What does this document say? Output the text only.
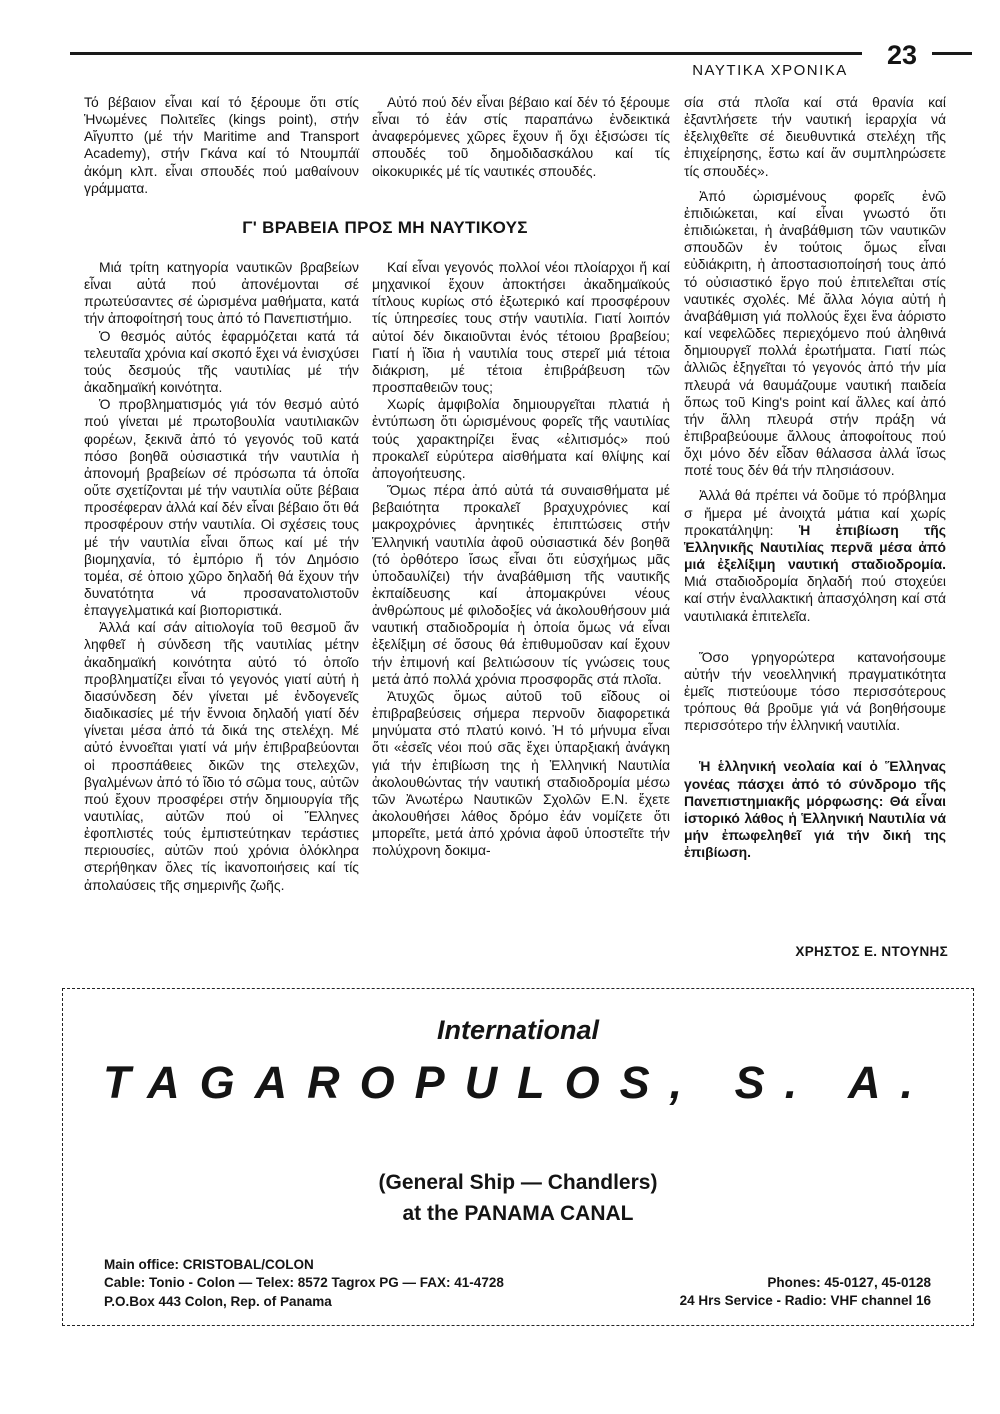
ΝΑΥΤΙΚΑ ΧΡΟΝΙΚΑ
23

Τό βέβαιον εἶναι καί τό ξέρουμε ὅτι στίς Ἡνωμένες Πολιτεῖες (kings point), στήν Αἴγυπτο (μέ τήν Maritime and Transport Academy), στήν Γκάνα καί τό Ντουμπάϊ ἀκόμη κλπ. εἶναι σπουδές πού μαθαίνουν γράμματα.

Αὐτό πού δέν εἶναι βέβαιο καί δέν τό ξέρουμε εἶναι τό ἐάν στίς παραπάνω ἐνδεικτικά ἀναφερόμενες χῶρες ἔχουν ἤ ὄχι ἐξισώσει τίς σπουδές τοῦ δημοδιδασκάλου καί τίς οἰκοκυρικές μέ τίς ναυτικές σπουδές.

Γ' ΒΡΑΒΕΙΑ ΠΡΟΣ ΜΗ ΝΑΥΤΙΚΟΥΣ

Μιά τρίτη κατηγορία ναυτικῶν βραβείων εἶναι αὐτά πού ἀπονέμονται σέ πρωτεύσαντες σέ ὡρισμένα μαθήματα, κατά τήν ἀποφοίτησή τους ἀπό τό Πανεπιστήμιο.

Ὁ θεσμός αὐτός ἐφαρμόζεται κατά τά τελευταῖα χρόνια καί σκοπό ἔχει νά ἐνισχύσει τούς δεσμούς τῆς ναυτιλίας μέ τήν ἀκαδημαϊκή κοινότητα.

Ὁ προβληματισμός γιά τόν θεσμό αὐτό πού γίνεται μέ πρωτοβουλία ναυτιλιακῶν φορέων, ξεκινᾶ ἀπό τό γεγονός τοῦ κατά πόσο βοηθᾶ οὐσιαστικά τήν ναυτιλία ἡ ἀπονομή βραβείων σέ πρόσωπα τά ὁποῖα οὔτε σχετίζονται μέ τήν ναυτιλία οὔτε βέβαια προσέφεραν ἀλλά καί δέν εἶναι βέβαιο ὅτι θά προσφέρουν στήν ναυτιλία. Οἱ σχέσεις τους μέ τήν ναυτιλία εἶναι ὅπως καί μέ τήν βιομηχανία, τό ἐμπόριο ἤ τόν Δημόσιο τομέα, σέ ὁποιο χῶρο δηλαδή θά ἔχουν τήν δυνατότητα νά προσανατολιστοῦν ἐπαγγελματικά καί βιοποριστικά.

Ἀλλά καί σάν αἰτιολογία τοῦ θεσμοῦ ἄν ληφθεῖ ἡ σύνδεση τῆς ναυτιλίας μέτην ἀκαδημαϊκή κοινότητα αὐτό τό ὁποῖο προβληματίζει εἶναι τό γεγονός γιατί αὐτή ἡ διασύνδεση δέν γίνεται μέ ἐνδογενεῖς διαδικασίες μέ τήν ἔννοια δηλαδή γιατί δέν γίνεται μέσα ἀπό τά δικά της στελέχη. Μέ αὐτό ἐννοεῖται γιατί νά μήν ἐπιβραβεύονται οἱ προσπάθειες δικῶν της στελεχῶν, βγαλμένων ἀπό τό ἴδιο τό σῶμα τους, αὐτῶν πού ἔχουν προσφέρει στήν δημιουργία τῆς ναυτιλίας, αὐτῶν πού οἱ Ἕλληνες ἐφοπλιστές τούς ἐμπιστεύτηκαν τεράστιες περιουσίες, αὐτῶν πού χρόνια ὁλόκληρα στερήθηκαν ὅλες τίς ἱκανοποιήσεις καί τίς ἀπολαύσεις τῆς σημερινῆς ζωῆς.

Καί εἶναι γεγονός πολλοί νέοι πλοίαρχοι ἤ καί μηχανικοί ἔχουν ἀποκτήσει ἀκαδημαϊκούς τίτλους κυρίως στό ἐξωτερικό καί προσφέρουν τίς ὑπηρεσίες τους στήν ναυτιλία. Γιατί λοιπόν αὐτοί δέν δικαιοῦνται ἑνός τέτοιου βραβείου; Γιατί ἡ ἴδια ἡ ναυτιλία τους στερεῖ μιά τέτοια διάκριση, μέ τέτοια ἐπιβράβευση τῶν προσπαθειῶν τους;

Χωρίς ἀμφιβολία δημιουργεῖται πλατιά ἡ ἐντύπωση ὅτι ὡρισμένους φορεῖς τῆς ναυτιλίας τούς χαρακτηρίζει ἕνας «ἐλιτισμός» πού προκαλεῖ εὐρύτερα αἰσθήματα καί θλίψης καί ἀπογοήτευσης.

Ὅμως πέρα ἀπό αὐτά τά συναισθήματα μέ βεβαιότητα προκαλεῖ βραχυχρόνιες καί μακροχρόνιες ἀρνητικές ἐπιπτώσεις στήν Ἑλληνική ναυτιλία ἀφοῦ οὐσιαστικά δέν βοηθᾶ (τό ὀρθότερο ἴσως εἶναι ὅτι εὐσχήμως μᾶς ὑποδαυλίζει) τήν ἀναβάθμιση τῆς ναυτικῆς ἐκπαίδευσης καί ἀπομακρύνει νέους ἀνθρώπους μέ φιλοδοξίες νά ἀκολουθήσουν μιά ναυτική σταδιοδρομία ἡ ὁποία ὅμως νά εἶναι ἐξελίξιμη σέ ὅσους θά ἐπιθυμοῦσαν καί ἔχουν τήν ἐπιμονή καί βελτιώσουν τίς γνώσεις τους μετά ἀπό πολλά χρόνια προσφορᾶς στά πλοῖα.

Ἀτυχῶς ὅμως αὐτοῦ τοῦ εἴδους οἱ ἐπιβραβεύσεις σήμερα περνοῦν διαφορετικά μηνύματα στό πλατύ κοινό. Ἡ τό μήνυμα εἶναι ὅτι «ἐσεῖς νέοι πού σᾶς ἔχει ὑπαρξιακή ἀνάγκη γιά τήν ἐπιβίωση της ἡ Ἑλληνική Ναυτιλία ἀκολουθώντας τήν ναυτική σταδιοδρομία μέσω τῶν Ἀνωτέρω Ναυτικῶν Σχολῶν Ε.Ν. ἔχετε ἀκολουθήσει λάθος δρόμο ἐάν νομίζετε ὅτι μπορεῖτε, μετά ἀπό χρόνια ἀφοῦ ὑποστεῖτε τήν πολύχρονη δοκιμα-

σία στά πλοῖα καί στά θρανία καί ἐξαντλήσετε τήν ναυτική ἱεραρχία νά ἐξελιχθεῖτε σέ διευθυντικά στελέχη τῆς ἐπιχείρησης, ἔστω καί ἄν συμπληρώσετε τίς σπουδές».

Ἀπό ὡρισμένους φορεῖς ἐνῶ ἐπιδιώκεται, καί εἶναι γνωστό ὅτι ἐπιδιώκεται, ἡ ἀναβάθμιση τῶν ναυτικῶν σπουδῶν ἐν τούτοις ὅμως εἶναι εὐδιάκριτη, ἡ ἀποστασιοποίησή τους ἀπό τό οὐσιαστικό ἔργο πού ἐπιτελεῖται στίς ναυτικές σχολές. Μέ ἄλλα λόγια αὐτή ἡ ἀναβάθμιση γιά πολλούς ἔχει ἕνα ἀόριστο καί νεφελῶδες περιεχόμενο πού ἀληθινά δημιουργεῖ πολλά ἐρωτήματα. Γιατί πώς ἀλλιῶς ἐξηγεῖται τό γεγονός ἀπό τήν μία πλευρά νά θαυμάζουμε ναυτική παιδεία ὅπως τοῦ King's point καί ἄλλες καί ἀπό τήν ἄλλη πλευρά στήν πράξη νά ἐπιβραβεύουμε ἄλλους ἀποφοίτους πού ὄχι μόνο δέν εἶδαν θάλασσα ἀλλά ἴσως ποτέ τους δέν θά τήν πλησιάσουν.

Ἀλλά θά πρέπει νά δοῦμε τό πρόβλημα σ ἤμερα μέ ἀνοιχτά μάτια καί χωρίς προκατάληψη: Ἡ ἐπιβίωση τῆς Ἑλληνικῆς Ναυτιλίας περνᾶ μέσα ἀπό μιά ἐξελίξιμη ναυτική σταδιοδρομία. Μιά σταδιοδρομία δηλαδή πού στοχεύει καί στήν ἐναλλακτική ἀπασχόληση καί στά ναυτιλιακά ἐπιτελεῖα.

Ὅσο γρηγορώτερα κατανοήσουμε αὐτήν τήν νεοελληνική πραγματικότητα ἐμεῖς πιστεύουμε τόσο περισσότερους τρόπους θά βροῦμε γιά νά βοηθήσουμε περισσότερο τήν ἑλληνική ναυτιλία.

Ἡ ἑλληνική νεολαία καί ὁ Ἕλληνας γονέας πάσχει ἀπό τό σύνδρομο τῆς Πανεπιστημιακῆς μόρφωσης: Θά εἶναι ἱστορικό λάθος ἡ Ἑλληνική Ναυτιλία νά μήν ἐπωφεληθεῖ γιά τήν δική της ἐπιβίωση.

ΧΡΗΣΤΟΣ Ε. ΝΤΟΥΝΗΣ
International
TAGAROPULOS, S. A.
(General Ship — Chandlers)
at the PANAMA CANAL
Main office: CRISTOBAL/COLON
Cable: Tonio - Colon — Telex: 8572 Tagrox PG — FAX: 41-4728
P.O.Box 443 Colon, Rep. of Panama
Phones: 45-0127, 45-0128
24 Hrs Service - Radio: VHF channel 16
